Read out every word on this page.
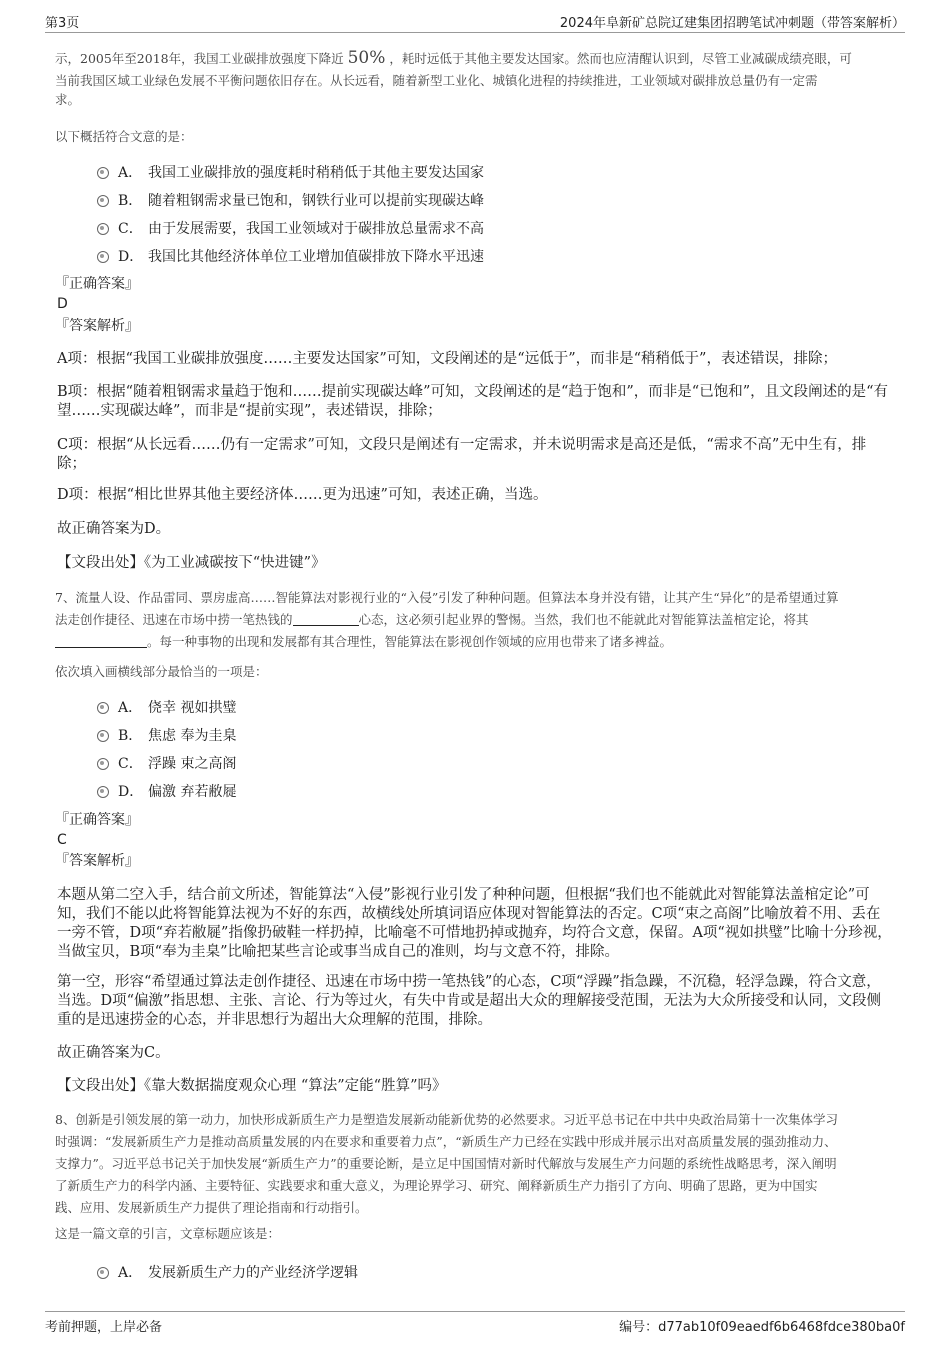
第3页	2024年阜新矿总院辽建集团招聘笔试冲刺题（带答案解析）

示，2005年至2018年，我国工业碳排放强度下降近 50% ，耗时远低于其他主要发达国家。然而也应清醒认识到，尽管工业减碳成绩亮眼，可

当前我国区域工业绿色发展不平衡问题依旧存在。从长远看，随着新型工业化、城镇化进程的持续推进，工业领域对碳排放总量仍有一定需

求。

以下概括符合文意的是：

A． 我国工业碳排放的强度耗时稍稍低于其他主要发达国家
B． 随着粗钢需求量已饱和，钢铁行业可以提前实现碳达峰
C． 由于发展需要，我国工业领域对于碳排放总量需求不高
D． 我国比其他经济体单位工业增加值碳排放下降水平迅速

『正确答案』

D

『答案解析』

A项：根据“我国工业碳排放强度……主要发达国家”可知，文段阐述的是“远低于”，而非是“稍稍低于”，表述错误，排除；

B项：根据“随着粗钢需求量趋于饱和……提前实现碳达峰”可知，文段阐述的是“趋于饱和”，而非是“已饱和”，且文段阐述的是“有望……实现碳达峰”，而非是“提前实现”，表述错误，排除；

C项：根据“从长远看……仍有一定需求”可知，文段只是阐述有一定需求，并未说明需求是高还是低，“需求不高”无中生有，排除；

D项：根据“相比世界其他主要经济体……更为迅速”可知，表述正确，当选。

故正确答案为D。

【文段出处】《为工业减碳按下“快进键”》

7、流量人设、作品雷同、票房虚高……智能算法对影视行业的“入侵”引发了种种问题。但算法本身并没有错，让其产生“异化”的是希望通过算

法走创作捷径、迅速在市场中捞一笔热钱的	心态，这必须引起业界的警惕。当然，我们也不能就此对智能算法盖棺定论，将其

。每一种事物的出现和发展都有其合理性，智能算法在影视创作领域的应用也带来了诸多裨益。

依次填入画横线部分最恰当的一项是：

A． 侥幸 视如拱璧
B． 焦虑 奉为圭臬
C． 浮躁 束之高阁
D． 偏激 弃若敝屣

『正确答案』

C

『答案解析』

本题从第二空入手，结合前文所述，智能算法“入侵”影视行业引发了种种问题，但根据“我们也不能就此对智能算法盖棺定论”可知，我们不能以此将智能算法视为不好的东西，故横线处所填词语应体现对智能算法的否定。C项“束之高阁”比喻放着不用、丢在一旁不管，D项“弃若敝屣”指像扔破鞋一样扔掉，比喻毫不可惜地扔掉或抛弃，均符合文意，保留。A项“视如拱璧”比喻十分珍视，当做宝贝，B项“奉为圭臬”比喻把某些言论或事当成自己的准则，均与文意不符，排除。

第一空，形容“希望通过算法走创作捷径、迅速在市场中捞一笔热钱”的心态，C项“浮躁”指急躁，不沉稳，轻浮急躁，符合文意，当选。D项“偏激”指思想、主张、言论、行为等过火，有失中肯或是超出大众的理解接受范围，无法为大众所接受和认同，文段侧重的是迅速捞金的心态，并非思想行为超出大众理解的范围，排除。

故正确答案为C。

【文段出处】《靠大数据揣度观众心理 “算法”定能“胜算”吗》

8、创新是引领发展的第一动力，加快形成新质生产力是塑造发展新动能新优势的必然要求。习近平总书记在中共中央政治局第十一次集体学习

时强调：“发展新质生产力是推动高质量发展的内在要求和重要着力点”，“新质生产力已经在实践中形成并展示出对高质量发展的强劲推动力、

支撑力”。习近平总书记关于加快发展“新质生产力”的重要论断，是立足中国国情对新时代解放与发展生产力问题的系统性战略思考，深入阐明

了新质生产力的科学内涵、主要特征、实践要求和重大意义，为理论界学习、研究、阐释新质生产力指引了方向、明确了思路，更为中国实

践、应用、发展新质生产力提供了理论指南和行动指引。

这是一篇文章的引言，文章标题应该是：

A． 发展新质生产力的产业经济学逻辑
考前押题，上岸必备	编号：d77ab10f09eaedf6b6468fdce380ba0f
